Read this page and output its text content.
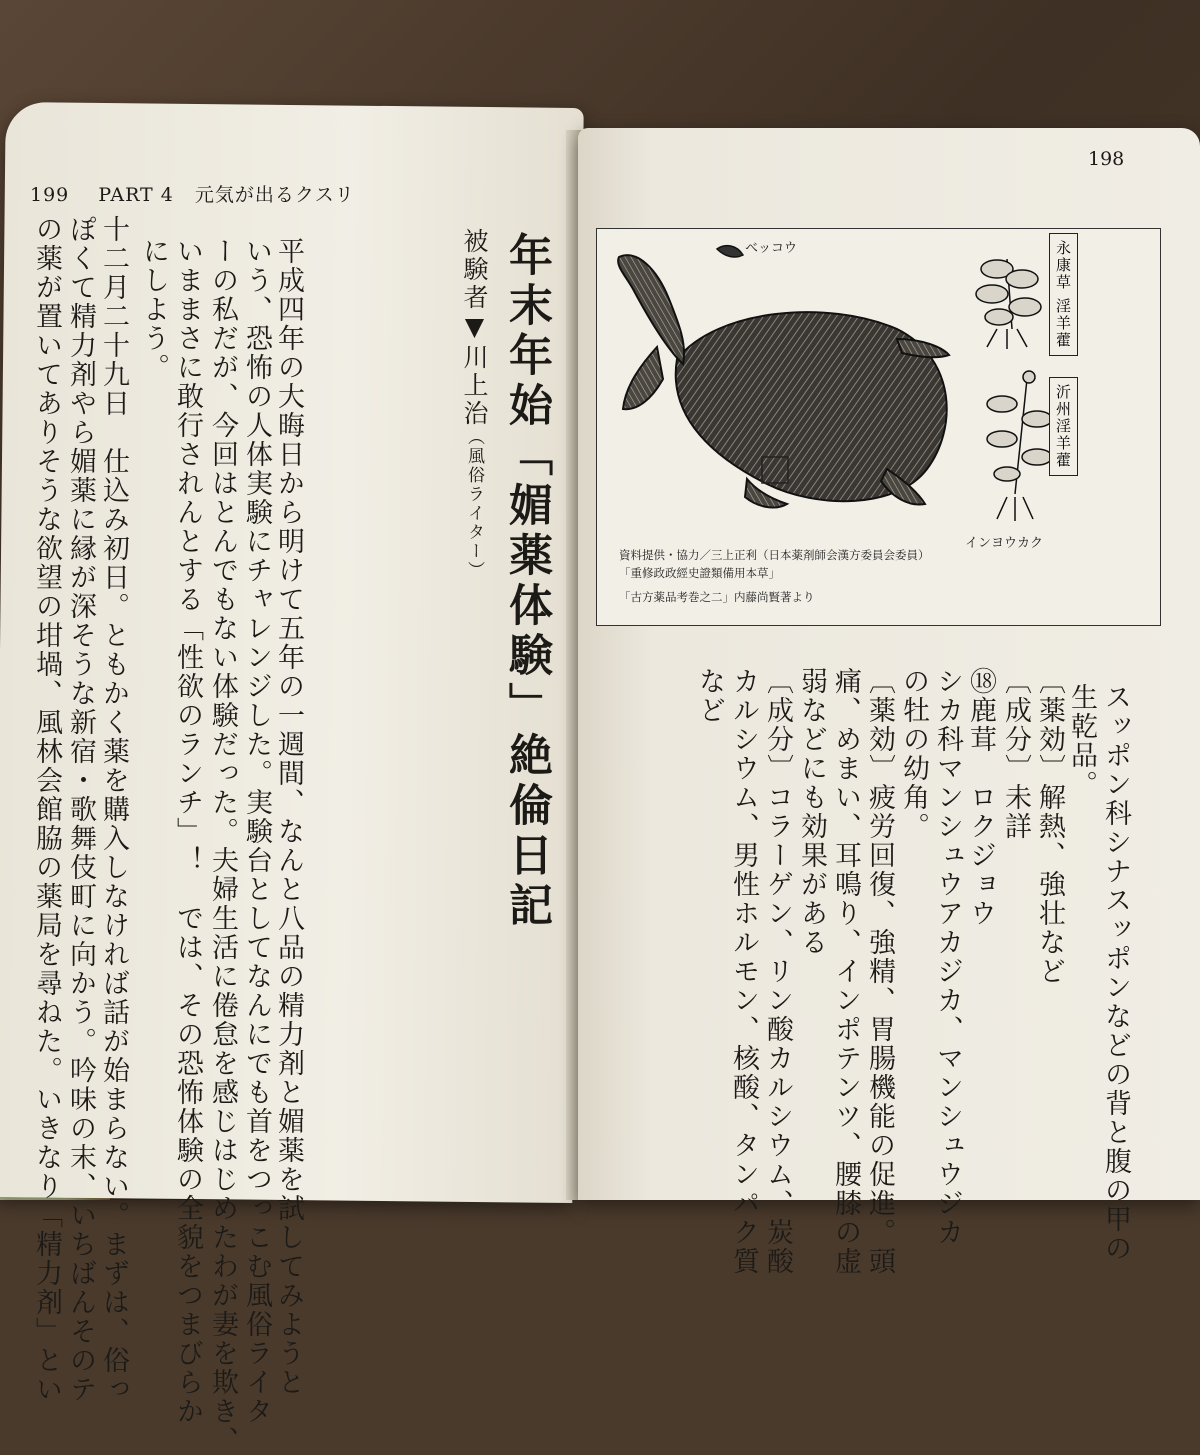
199 PART 4 元気が出るクスリ
年末年始「媚薬体験」絶倫日記
被験者▼川上治（風俗ライター）
平成四年の大晦日から明けて五年の一週間、なんと八品の精力剤と媚薬を試してみようと
いう、恐怖の人体実験にチャレンジした。実験台としてなんにでも首をつっこむ風俗ライタ
ーの私だが、今回はとんでもない体験だった。夫婦生活に倦怠を感じはじめたわが妻を欺き、
いままさに敢行されんとする「性欲のランチ」！　では、その恐怖体験の全貌をつまびらか
にしよう。
十二月二十九日　仕込み初日。ともかく薬を購入しなければ話が始まらない。まずは、俗っ
ぽくて精力剤やら媚薬に縁が深そうな新宿・歌舞伎町に向かう。吟味の末、いちばんそのテ
の薬が置いてありそうな欲望の坩堝、風林会館脇の薬局を尋ねた。いきなり「精力剤」とい
198
永康草 淫羊藿
沂州淫羊藿
ベッコウ
インヨウカク
資料提供・協力／三上正利（日本薬剤師会漢方委員会委員）
「重修政政經史證類備用本草」
「古方薬品考巻之二」内藤尚賢著より
スッポン科シナスッポンなどの背と腹の甲の
生乾品。
〔薬効〕解熱、強壮など
〔成分〕未詳
⑱鹿茸　ロクジョウ
シカ科マンシュウアカジカ、マンシュウジカ
の牡の幼角。
〔薬効〕疲労回復、強精、胃腸機能の促進。頭
痛、めまい、耳鳴り、インポテンツ、腰膝の虚
弱などにも効果がある
〔成分〕コラーゲン、リン酸カルシウム、炭酸
カルシウム、男性ホルモン、核酸、タンパク質
など
